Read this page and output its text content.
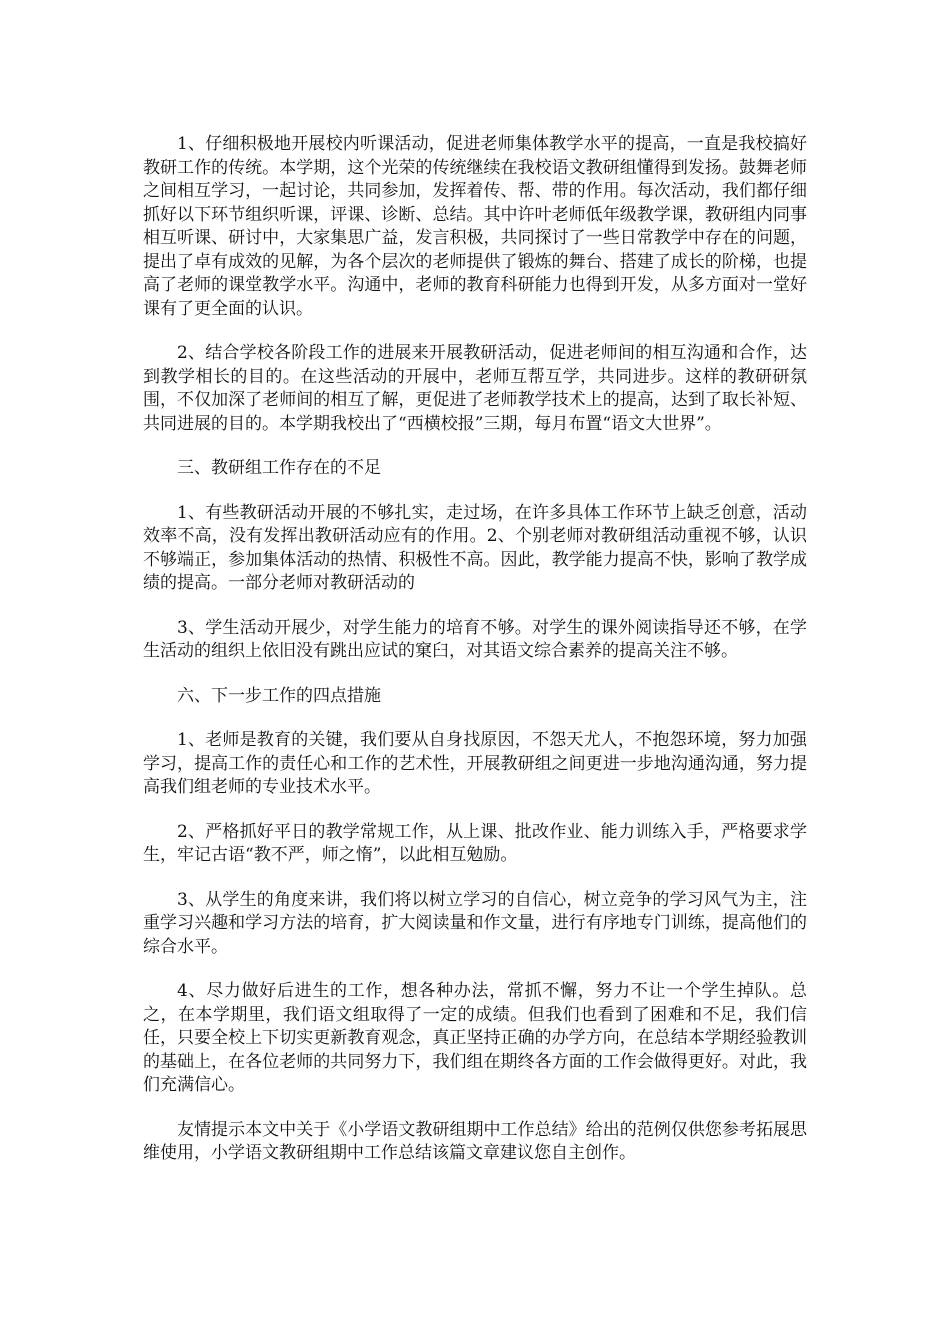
1、仔细积极地开展校内听课活动，促进老师集体教学水平的提高，一直是我校搞好教研工作的传统。本学期，这个光荣的传统继续在我校语文教研组懂得到发扬。鼓舞老师之间相互学习，一起讨论，共同参加，发挥着传、帮、带的作用。每次活动，我们都仔细抓好以下环节组织听课，评课、诊断、总结。其中许叶老师低年级教学课，教研组内同事相互听课、研讨中，大家集思广益，发言积极，共同探讨了一些日常教学中存在的问题，提出了卓有成效的见解，为各个层次的老师提供了锻炼的舞台、搭建了成长的阶梯，也提高了老师的课堂教学水平。沟通中，老师的教育科研能力也得到开发，从多方面对一堂好课有了更全面的认识。

2、结合学校各阶段工作的进展来开展教研活动，促进老师间的相互沟通和合作，达到教学相长的目的。在这些活动的开展中，老师互帮互学，共同进步。这样的教研研氛围，不仅加深了老师间的相互了解，更促进了老师教学技术上的提高，达到了取长补短、共同进展的目的。本学期我校出了“西横校报”三期，每月布置“语文大世界”。

三、教研组工作存在的不足

1、有些教研活动开展的不够扎实，走过场，在许多具体工作环节上缺乏创意，活动效率不高，没有发挥出教研活动应有的作用。2、个别老师对教研组活动重视不够，认识不够端正，参加集体活动的热情、积极性不高。因此，教学能力提高不快，影响了教学成绩的提高。一部分老师对教研活动的

3、学生活动开展少，对学生能力的培育不够。对学生的课外阅读指导还不够，在学生活动的组织上依旧没有跳出应试的窠臼，对其语文综合素养的提高关注不够。

六、下一步工作的四点措施

1、老师是教育的关键，我们要从自身找原因，不怨天尤人，不抱怨环境，努力加强学习，提高工作的责任心和工作的艺术性，开展教研组之间更进一步地沟通沟通，努力提高我们组老师的专业技术水平。

2、严格抓好平日的教学常规工作，从上课、批改作业、能力训练入手，严格要求学生，牢记古语“教不严，师之惰”，以此相互勉励。

3、从学生的角度来讲，我们将以树立学习的自信心，树立竞争的学习风气为主，注重学习兴趣和学习方法的培育，扩大阅读量和作文量，进行有序地专门训练，提高他们的综合水平。

4、尽力做好后进生的工作，想各种办法，常抓不懈，努力不让一个学生掉队。总之，在本学期里，我们语文组取得了一定的成绩。但我们也看到了困难和不足，我们信任，只要全校上下切实更新教育观念，真正坚持正确的办学方向，在总结本学期经验教训的基础上，在各位老师的共同努力下，我们组在期终各方面的工作会做得更好。对此，我们充满信心。

友情提示本文中关于《小学语文教研组期中工作总结》给出的范例仅供您参考拓展思维使用，小学语文教研组期中工作总结该篇文章建议您自主创作。
